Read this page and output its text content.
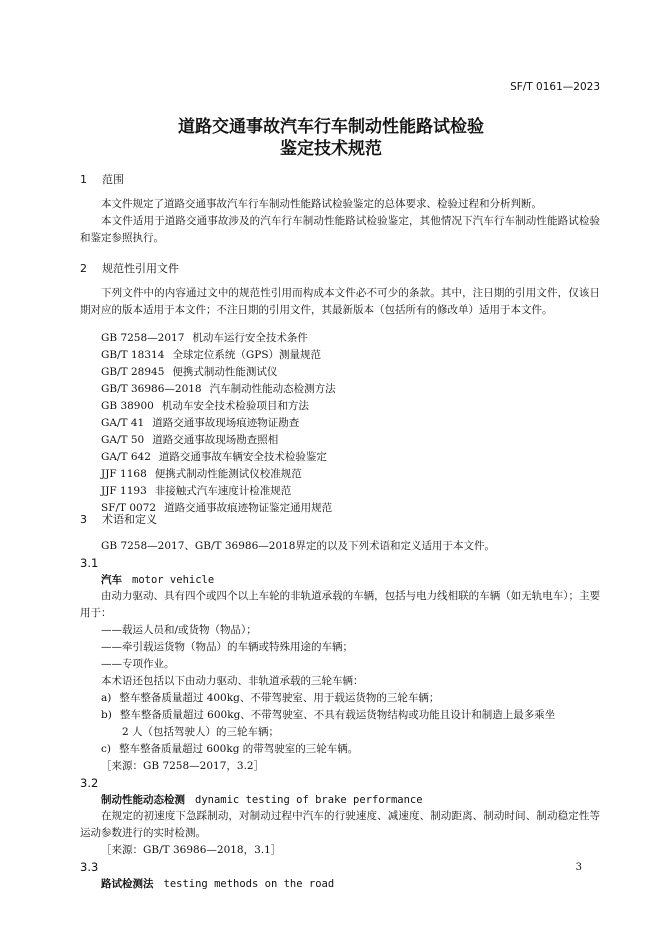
SF/T 0161—2023
道路交通事故汽车行车制动性能路试检验
鉴定技术规范
1 范围
本文件规定了道路交通事故汽车行车制动性能路试检验鉴定的总体要求、检验过程和分析判断。
本文件适用于道路交通事故涉及的汽车行车制动性能路试检验鉴定，其他情况下汽车行车制动性能路试检验和鉴定参照执行。
2 规范性引用文件
下列文件中的内容通过文中的规范性引用而构成本文件必不可少的条款。其中，注日期的引用文件，仅该日期对应的版本适用于本文件；不注日期的引用文件，其最新版本（包括所有的修改单）适用于本文件。
GB 7258—2017 机动车运行安全技术条件
GB/T 18314 全球定位系统（GPS）测量规范
GB/T 28945 便携式制动性能测试仪
GB/T 36986—2018 汽车制动性能动态检测方法
GB 38900 机动车安全技术检验项目和方法
GA/T 41 道路交通事故现场痕迹物证勘查
GA/T 50 道路交通事故现场勘查照相
GA/T 642 道路交通事故车辆安全技术检验鉴定
JJF 1168 便携式制动性能测试仪校准规范
JJF 1193 非接触式汽车速度计检准规范
SF/T 0072 道路交通事故痕迹物证鉴定通用规范
3 术语和定义
GB 7258—2017、GB/T 36986—2018界定的以及下列术语和定义适用于本文件。
3.1
汽车 motor vehicle
由动力驱动、具有四个或四个以上车轮的非轨道承载的车辆，包括与电力线相联的车辆（如无轨电车）；主要用于：
——载运人员和/或货物（物品）；
——牵引载运货物（物品）的车辆或特殊用途的车辆；
——专项作业。
本术语还包括以下由动力驱动、非轨道承载的三轮车辆：
a) 整车整备质量超过 400kg、不带驾驶室、用于载运货物的三轮车辆；
b) 整车整备质量超过 600kg、不带驾驶室、不具有载运货物结构或功能且设计和制造上最多乘坐
2 人（包括驾驶人）的三轮车辆；
c) 整车整备质量超过 600kg 的带驾驶室的三轮车辆。
［来源：GB 7258—2017，3.2］
3.2
制动性能动态检测 dynamic testing of brake performance
在规定的初速度下急踩制动，对制动过程中汽车的行驶速度、减速度、制动距离、制动时间、制动稳定性等运动参数进行的实时检测。
［来源：GB/T 36986—2018，3.1］
3.3
路试检测法 testing methods on the road
3
